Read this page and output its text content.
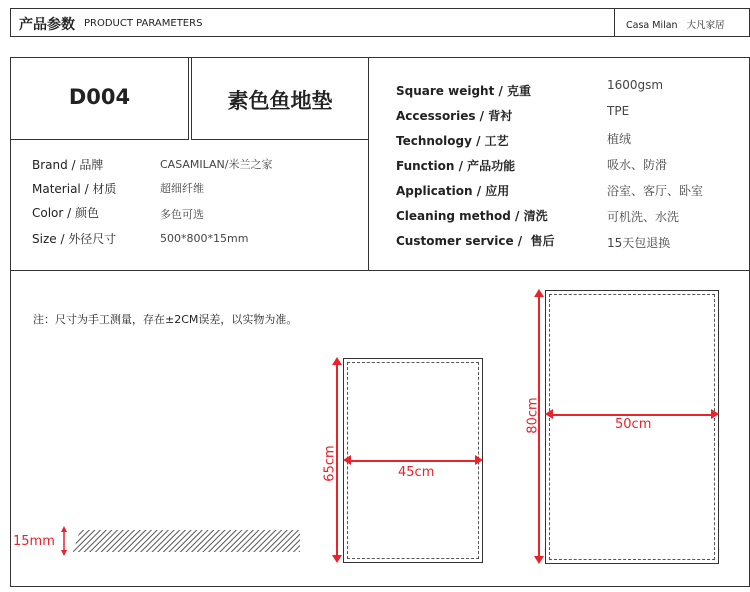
产品参数 PRODUCT PARAMETERS	Casa Milan   大凡家居
D004	素色鱼地垫
Brand / 品牌	CASAMILAN/米兰之家
Material / 材质	超细纤维
Color / 颜色	多色可选
Size / 外径尺寸	500*800*15mm
Square weight / 克重	1600gsm
Accessories / 背衬	TPE
Technology / 工艺	植绒
Function / 产品功能	吸水、防滑
Application / 应用	浴室、客厅、卧室
Cleaning method / 清洗	可机洗、水洗
Customer service /  售后	15天包退换
注：尺寸为手工测量，存在±2CM误差，以实物为准。
15mm
45cm
65cm
50cm
80cm
